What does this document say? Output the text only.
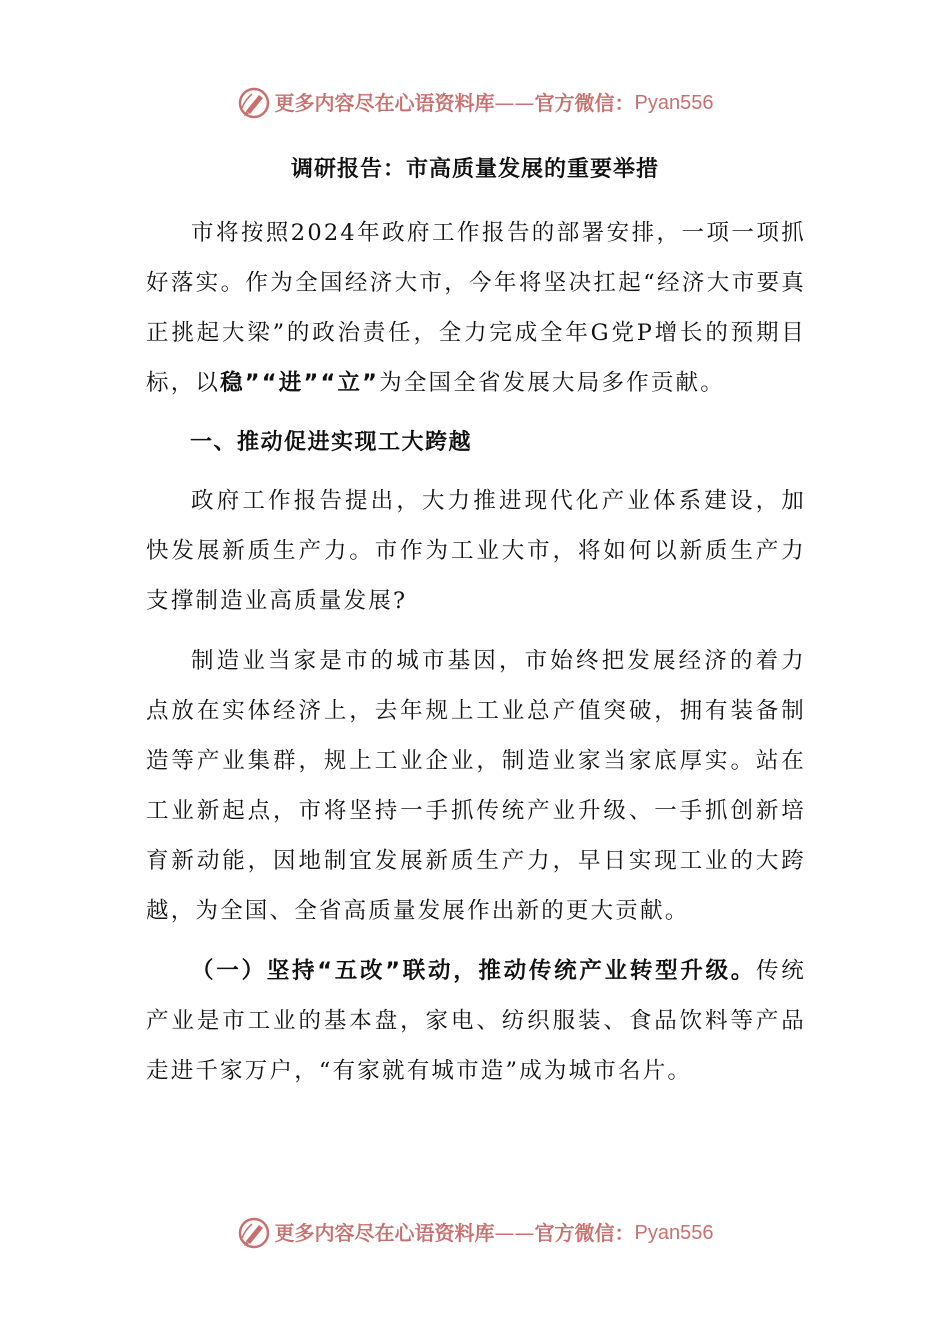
更多内容尽在心语资料库 —— 官方微信： Pyan556
调研报告：市高质量发展的重要举措

市将按照2024年政府工作报告的部署安排，一项一项抓好落实。作为全国经济大市，今年将坚决扛起“经济大市要真正挑起大梁”的政治责任，全力完成全年G党P增长的预期目标，以稳”“进”“立”为全国全省发展大局多作贡献。

一、推动促进实现工大跨越

政府工作报告提出，大力推进现代化产业体系建设，加快发展新质生产力。市作为工业大市，将如何以新质生产力支撑制造业高质量发展?

制造业当家是市的城市基因，市始终把发展经济的着力点放在实体经济上，去年规上工业总产值突破，拥有装备制造等产业集群，规上工业企业，制造业家当家底厚实。站在工业新起点，市将坚持一手抓传统产业升级、一手抓创新培育新动能，因地制宜发展新质生产力，早日实现工业的大跨越，为全国、全省高质量发展作出新的更大贡献。

（一）坚持“五改”联动，推动传统产业转型升级。传统产业是市工业的基本盘，家电、纺织服装、食品饮料等产品走进千家万户，“有家就有城市造”成为城市名片。

更多内容尽在心语资料库 —— 官方微信： Pyan556
